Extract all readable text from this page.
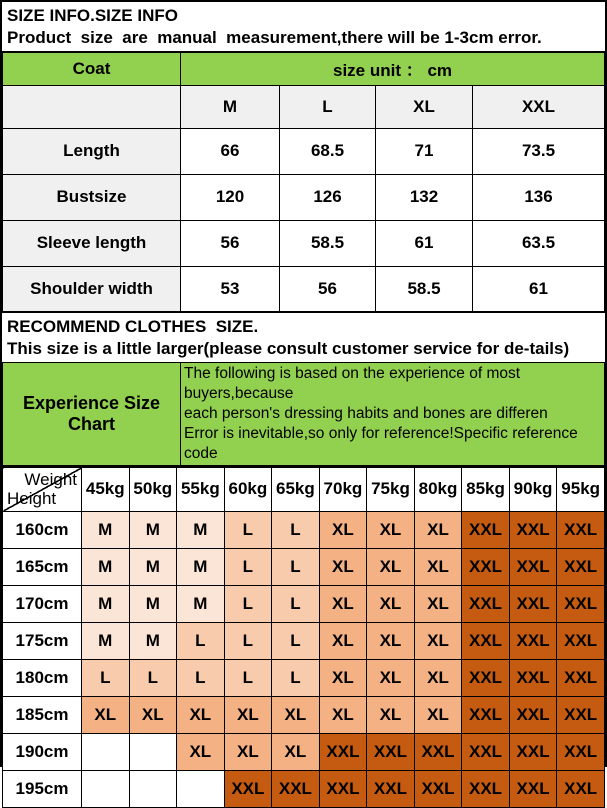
SIZE INFO.SIZE INFO
Product  size  are  manual  measurement,there will be 1-3cm error.
Coat	size unit ： cm			
	M	L	XL	XXL
Length	66	68.5	71	73.5
Bustsize	120	126	132	136
Sleeve length	56	58.5	61	63.5
Shoulder width	53	56	58.5	61
RECOMMEND CLOTHES  SIZE.
This size is a little larger(please consult customer service for de-tails)
Experience Size Chart	
The following is based on the experience of most buyers,because
each person's dressing habits and bones are differen
Error is inevitable,so only for reference!Specific reference code
Weight
Height	45kg	50kg	55kg	60kg	65kg	70kg	75kg	80kg	85kg	90kg	95kg
160cm	M	M	M	L	L	XL	XL	XL	XXL	XXL	XXL
165cm	M	M	M	L	L	XL	XL	XL	XXL	XXL	XXL
170cm	M	M	M	L	L	XL	XL	XL	XXL	XXL	XXL
175cm	M	M	L	L	L	XL	XL	XL	XXL	XXL	XXL
180cm	L	L	L	L	L	XL	XL	XL	XXL	XXL	XXL
185cm	XL	XL	XL	XL	XL	XL	XL	XL	XXL	XXL	XXL
190cm			XL	XL	XL	XXL	XXL	XXL	XXL	XXL	XXL
195cm				XXL	XXL	XXL	XXL	XXL	XXL	XXL	XXL
